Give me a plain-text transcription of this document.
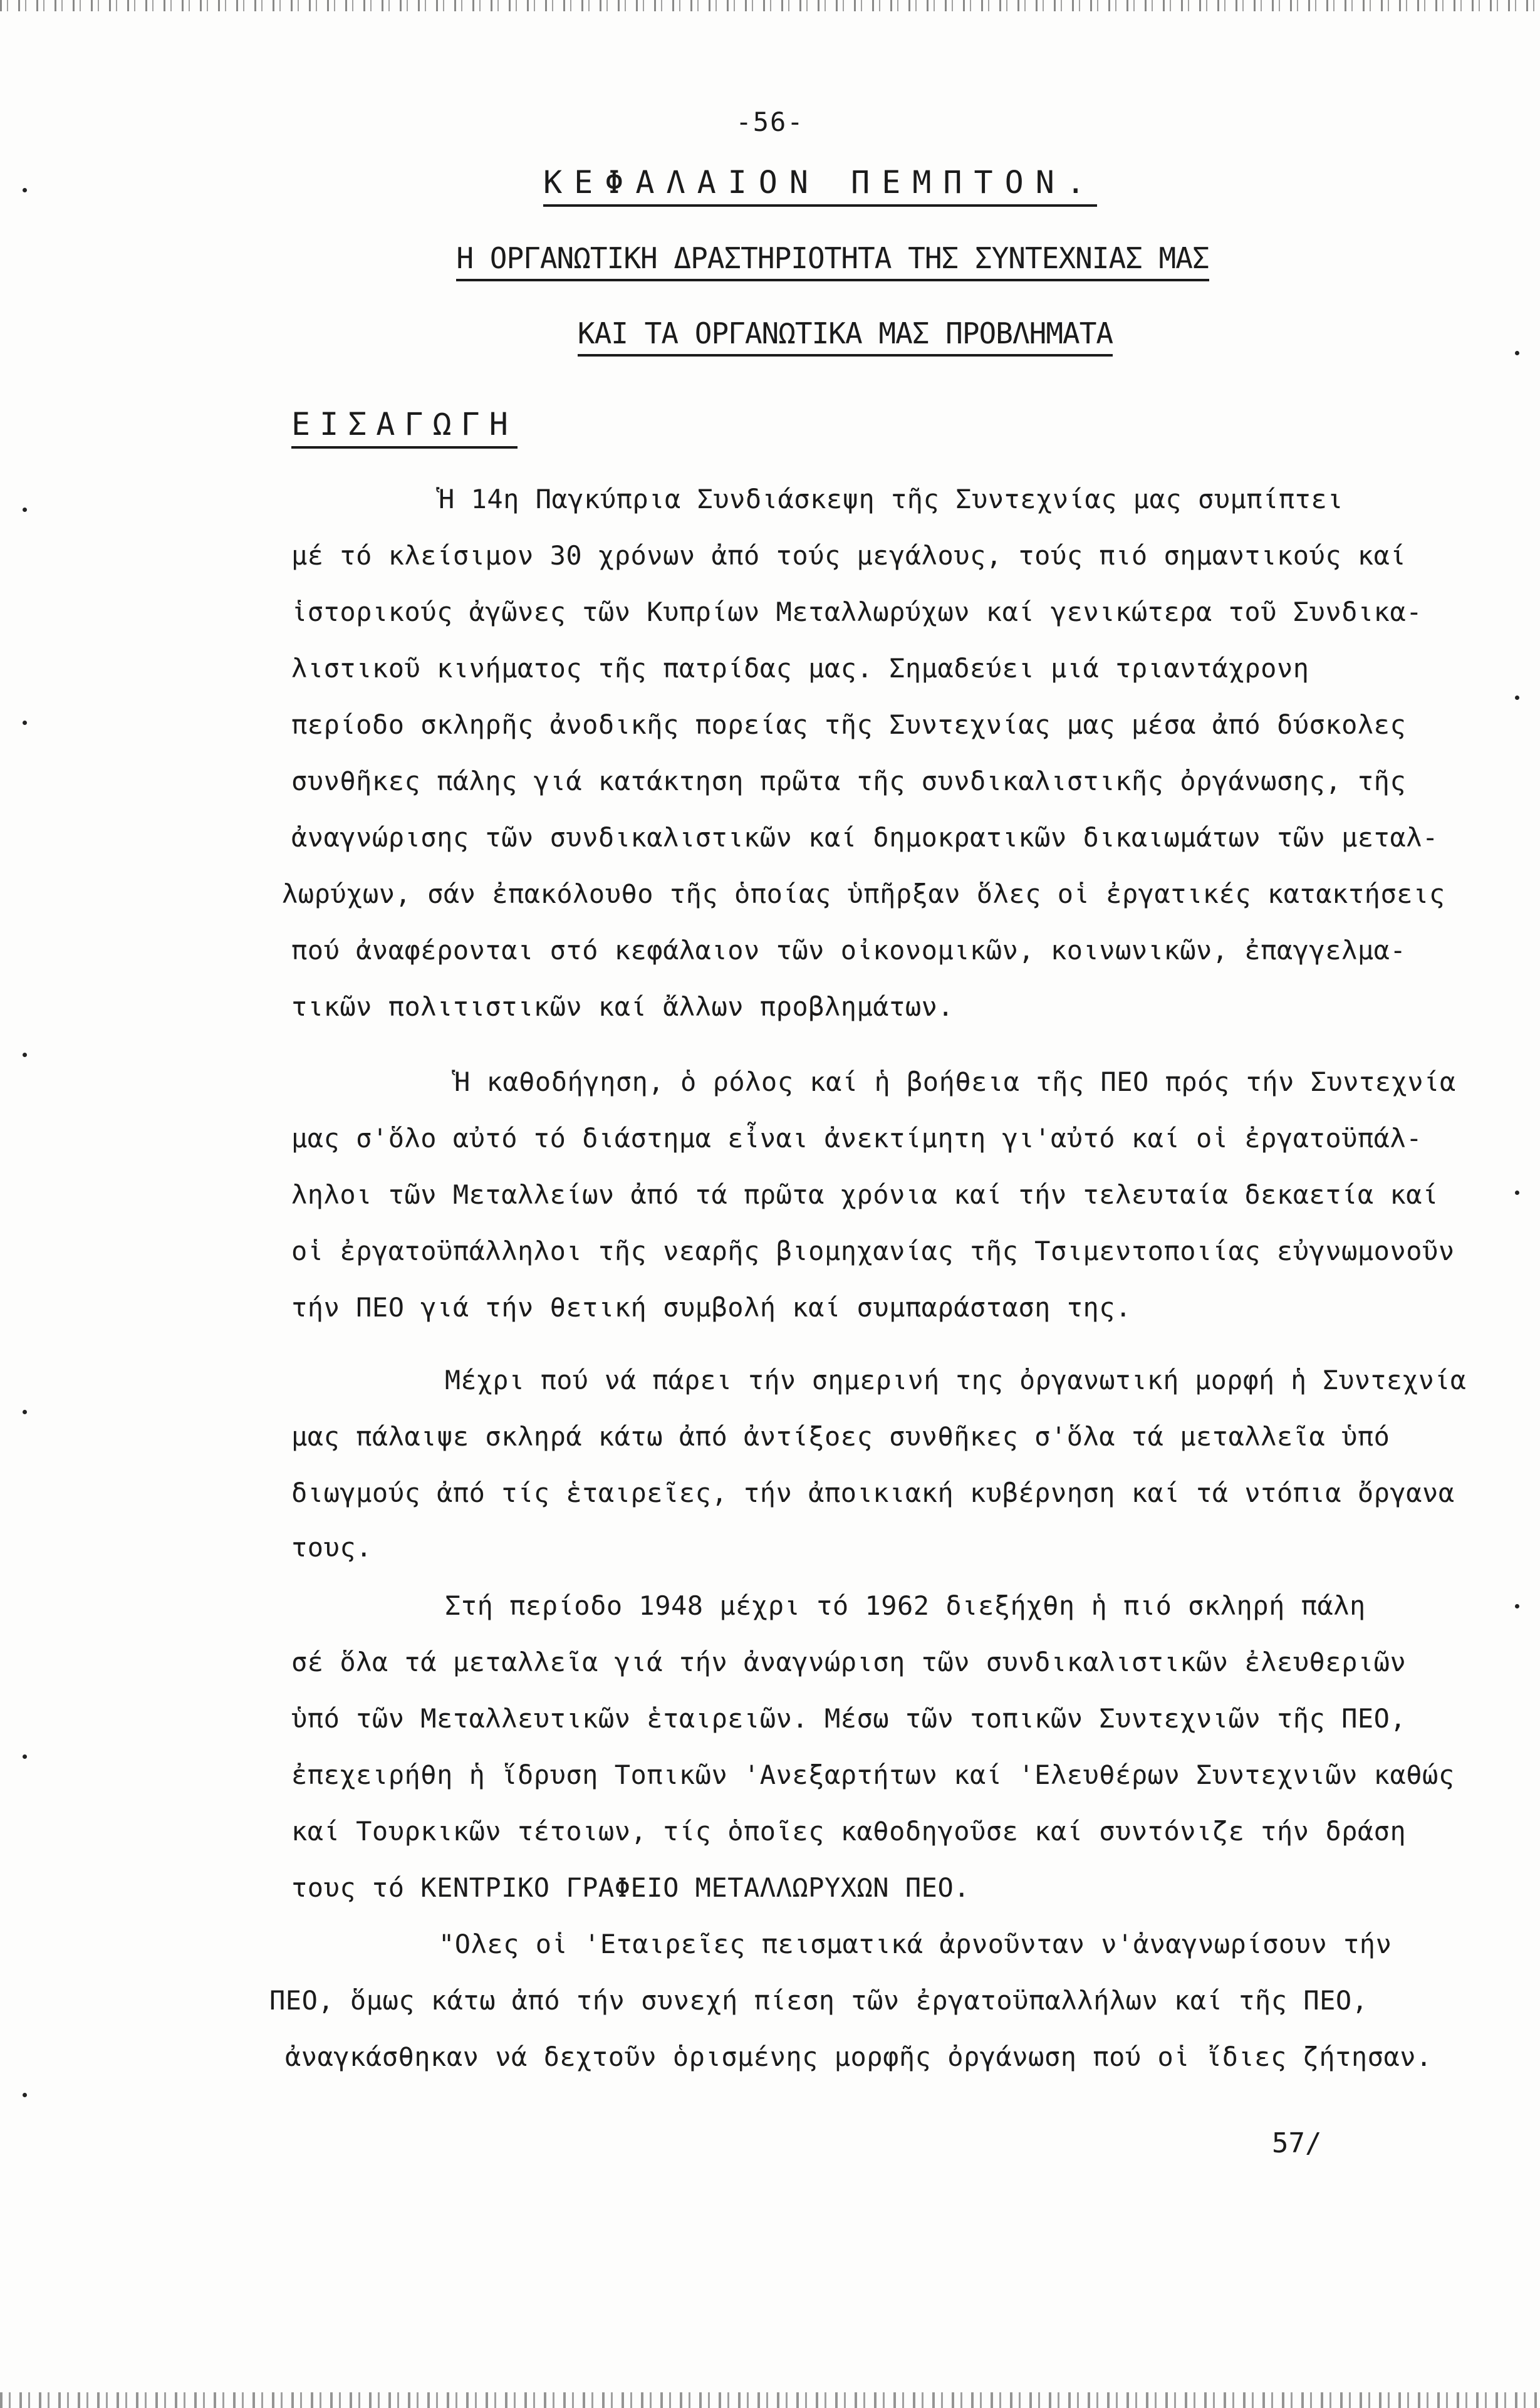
-56-
ΚΕΦΑΛΑΙΟΝ ΠΕΜΠΤΟΝ.
Η ΟΡΓΑΝΩΤΙΚΗ ΔΡΑΣΤΗΡΙΟΤΗΤΑ ΤΗΣ ΣΥΝΤΕΧΝΙΑΣ ΜΑΣ
ΚΑΙ ΤΑ ΟΡΓΑΝΩΤΙΚΑ ΜΑΣ ΠΡΟΒΛΗΜΑΤΑ
ΕΙΣΑΓΩΓΗ
Ἡ 14η Παγκύπρια Συνδιάσκεψη τῆς Συντεχνίας μας συμπίπτει
μέ τό κλείσιμον 30 χρόνων ἀπό τούς μεγάλους, τούς πιό σημαντικούς καί
ἱστορικούς ἀγῶνες τῶν Κυπρίων Μεταλλωρύχων καί γενικώτερα τοῦ Συνδικα-
λιστικοῦ κινήματος τῆς πατρίδας μας. Σημαδεύει μιά τριαντάχρονη
περίοδο σκληρῆς ἀνοδικῆς πορείας τῆς Συντεχνίας μας μέσα ἀπό δύσκολες
συνθῆκες πάλης γιά κατάκτηση πρῶτα τῆς συνδικαλιστικῆς ὀργάνωσης, τῆς
ἀναγνώρισης τῶν συνδικαλιστικῶν καί δημοκρατικῶν δικαιωμάτων τῶν μεταλ-
λωρύχων, σάν ἐπακόλουθο τῆς ὁποίας ὑπῆρξαν ὅλες οἱ ἐργατικές κατακτήσεις
πού ἀναφέρονται στό κεφάλαιον τῶν οἰκονομικῶν, κοινωνικῶν, ἐπαγγελμα-
τικῶν πολιτιστικῶν καί ἄλλων προβλημάτων.
Ἡ καθοδήγηση, ὁ ρόλος καί ἡ βοήθεια τῆς ΠΕΟ πρός τήν Συντεχνία
μας σ'ὅλο αὐτό τό διάστημα εἶναι ἀνεκτίμητη γι'αὐτό καί οἱ ἐργατοϋπάλ-
ληλοι τῶν Μεταλλείων ἀπό τά πρῶτα χρόνια καί τήν τελευταία δεκαετία καί
οἱ ἐργατοϋπάλληλοι τῆς νεαρῆς βιομηχανίας τῆς Τσιμεντοποιίας εὐγνωμονοῦν
τήν ΠΕΟ γιά τήν θετική συμβολή καί συμπαράσταση της.
Μέχρι πού νά πάρει τήν σημερινή της ὀργανωτική μορφή ἡ Συντεχνία
μας πάλαιψε σκληρά κάτω ἀπό ἀντίξοες συνθῆκες σ'ὅλα τά μεταλλεῖα ὑπό
διωγμούς ἀπό τίς ἑταιρεῖες, τήν ἀποικιακή κυβέρνηση καί τά ντόπια ὄργανα
τους.
Στή περίοδο 1948 μέχρι τό 1962 διεξήχθη ἡ πιό σκληρή πάλη
σέ ὅλα τά μεταλλεῖα γιά τήν ἀναγνώριση τῶν συνδικαλιστικῶν ἐλευθεριῶν
ὑπό τῶν Μεταλλευτικῶν ἑταιρειῶν. Μέσω τῶν τοπικῶν Συντεχνιῶν τῆς ΠΕΟ,
ἐπεχειρήθη ἡ ἵδρυση Τοπικῶν 'Ανεξαρτήτων καί 'Ελευθέρων Συντεχνιῶν καθώς
καί Τουρκικῶν τέτοιων, τίς ὁποῖες καθοδηγοῦσε καί συντόνιζε τήν δράση
τους τό ΚΕΝΤΡΙΚΟ ΓΡΑΦΕΙΟ ΜΕΤΑΛΛΩΡΥΧΩΝ ΠΕΟ.
"Ολες οἱ 'Εταιρεῖες πεισματικά ἀρνοῦνταν ν'ἀναγνωρίσουν τήν
ΠΕΟ, ὅμως κάτω ἀπό τήν συνεχή πίεση τῶν ἐργατοϋπαλλήλων καί τῆς ΠΕΟ,
ἀναγκάσθηκαν νά δεχτοῦν ὁρισμένης μορφῆς ὀργάνωση πού οἱ ἴδιες ζήτησαν.
57/
